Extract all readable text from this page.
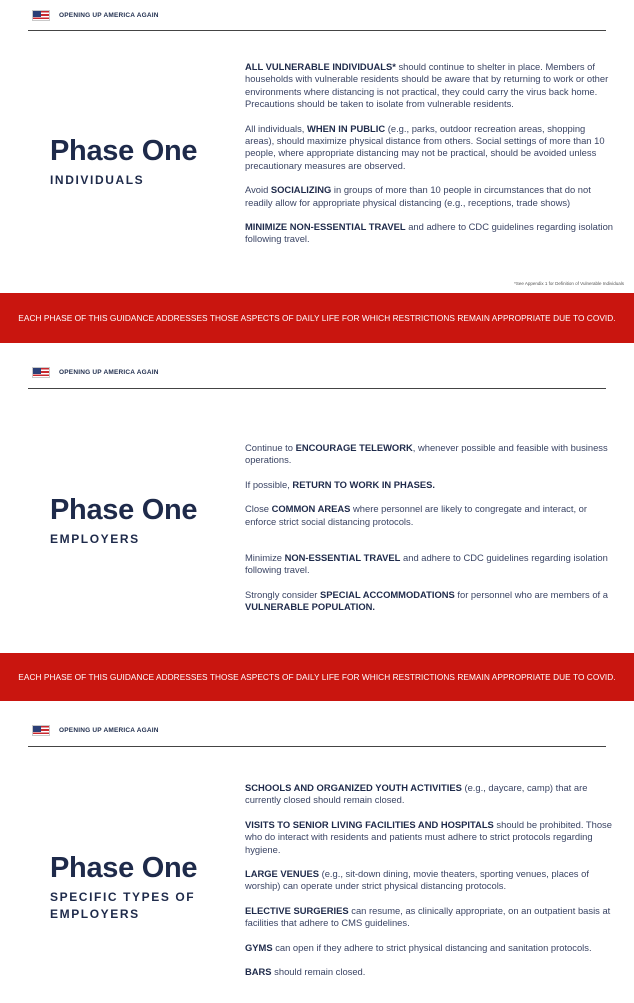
OPENING UP AMERICA AGAIN
Phase One
INDIVIDUALS

ALL VULNERABLE INDIVIDUALS* should continue to shelter in place. Members of households with vulnerable residents should be aware that by returning to work or other environments where distancing is not practical, they could carry the virus back home. Precautions should be taken to isolate from vulnerable residents.

All individuals, WHEN IN PUBLIC (e.g., parks, outdoor recreation areas, shopping areas), should maximize physical distance from others. Social settings of more than 10 people, where appropriate distancing may not be practical, should be avoided unless precautionary measures are observed.

Avoid SOCIALIZING in groups of more than 10 people in circumstances that do not readily allow for appropriate physical distancing (e.g., receptions, trade shows)

MINIMIZE NON-ESSENTIAL TRAVEL and adhere to CDC guidelines regarding isolation following travel.

*See Appendix 1 for Definition of Vulnerable Individuals
EACH PHASE OF THIS GUIDANCE ADDRESSES THOSE ASPECTS OF DAILY LIFE FOR WHICH RESTRICTIONS REMAIN APPROPRIATE DUE TO COVID.
OPENING UP AMERICA AGAIN
Phase One
EMPLOYERS

Continue to ENCOURAGE TELEWORK, whenever possible and feasible with business operations.

If possible, RETURN TO WORK IN PHASES.

Close COMMON AREAS where personnel are likely to congregate and interact, or enforce strict social distancing protocols.

Minimize NON-ESSENTIAL TRAVEL and adhere to CDC guidelines regarding isolation following travel.

Strongly consider SPECIAL ACCOMMODATIONS for personnel who are members of a VULNERABLE POPULATION.

EACH PHASE OF THIS GUIDANCE ADDRESSES THOSE ASPECTS OF DAILY LIFE FOR WHICH RESTRICTIONS REMAIN APPROPRIATE DUE TO COVID.
OPENING UP AMERICA AGAIN
Phase One
SPECIFIC TYPES OF EMPLOYERS

SCHOOLS AND ORGANIZED YOUTH ACTIVITIES (e.g., daycare, camp) that are currently closed should remain closed.

VISITS TO SENIOR LIVING FACILITIES AND HOSPITALS should be prohibited. Those who do interact with residents and patients must adhere to strict protocols regarding hygiene.

LARGE VENUES (e.g., sit-down dining, movie theaters, sporting venues, places of worship) can operate under strict physical distancing protocols.

ELECTIVE SURGERIES can resume, as clinically appropriate, on an outpatient basis at facilities that adhere to CMS guidelines.

GYMS can open if they adhere to strict physical distancing and sanitation protocols.

BARS should remain closed.
